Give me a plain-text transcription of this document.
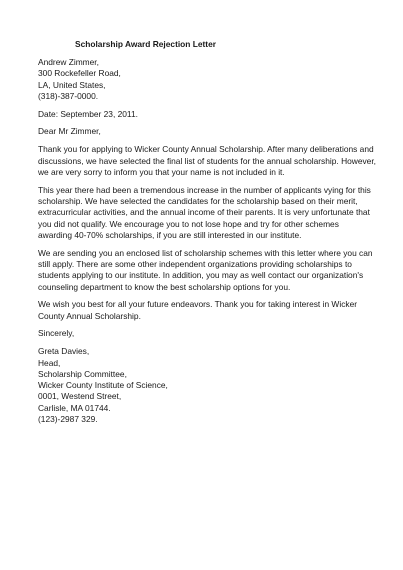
Scholarship Award Rejection Letter
Andrew Zimmer,
300 Rockefeller Road,
LA, United States,
(318)-387-0000.
Date: September 23, 2011.
Dear Mr Zimmer,
Thank you for applying to Wicker County Annual Scholarship. After many deliberations and
discussions, we have selected the final list of students for the annual scholarship. However,
we are very sorry to inform you that your name is not included in it.
This year there had been a tremendous increase in the number of applicants vying for this
scholarship. We have selected the candidates for the scholarship based on their merit,
extracurricular activities, and the annual income of their parents. It is very unfortunate that
you did not qualify. We encourage you to not lose hope and try for other schemes
awarding 40-70% scholarships, if you are still interested in our institute.
We are sending you an enclosed list of scholarship schemes with this letter where you can
still apply. There are some other independent organizations providing scholarships to
students applying to our institute. In addition, you may as well contact our organization's
counseling department to know the best scholarship options for you.
We wish you best for all your future endeavors. Thank you for taking interest in Wicker
County Annual Scholarship.
Sincerely,
Greta Davies,
Head,
Scholarship Committee,
Wicker County Institute of Science,
0001, Westend Street,
Carlisle, MA 01744.
(123)-2987 329.
